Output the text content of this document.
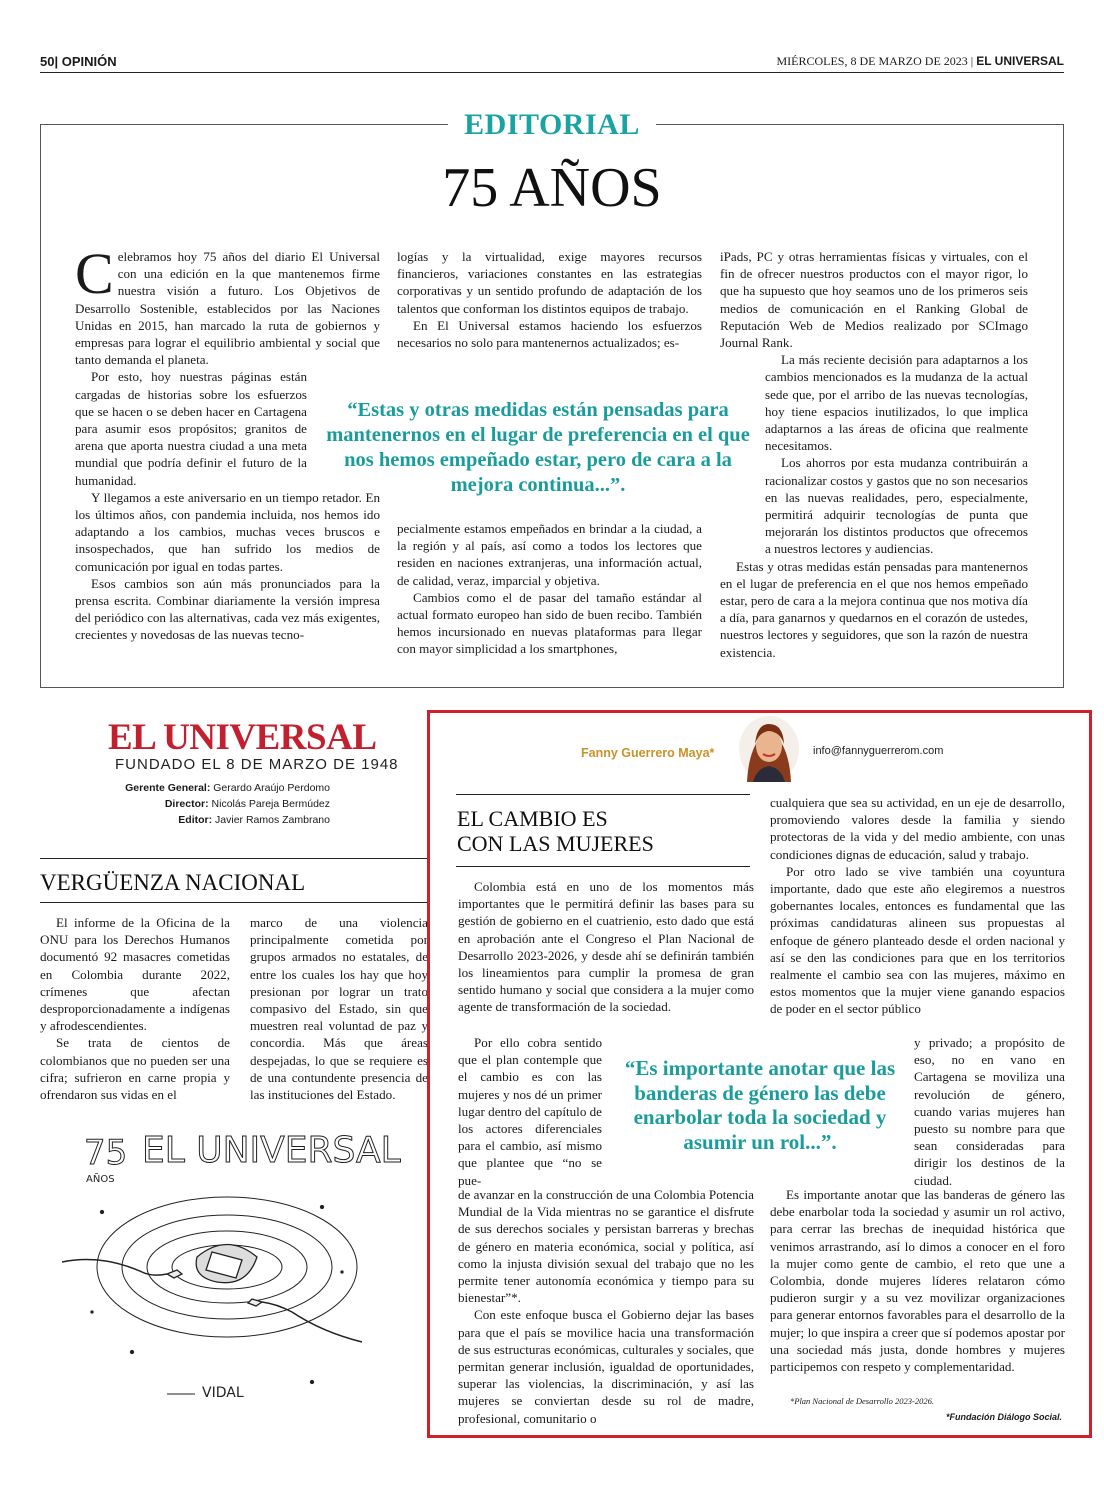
50| OPINIÓN	MIÉRCOLES, 8 DE MARZO DE 2023 | EL UNIVERSAL
EDITORIAL
75 AÑOS

Celebramos hoy 75 años del diario El Universal con una edición en la que mantenemos firme nuestra visión a futuro. Los Objetivos de Desarrollo Sostenible, establecidos por las Naciones Unidas en 2015, han marcado la ruta de gobiernos y empresas para lograr el equilibrio ambiental y social que tanto demanda el planeta.

Por esto, hoy nuestras páginas están cargadas de historias sobre los esfuerzos que se hacen o se deben hacer en Cartagena para asumir esos propósitos; granitos de arena que aporta nuestra ciudad a una meta mundial que podría definir el futuro de la humanidad.

Y llegamos a este aniversario en un tiempo retador. En los últimos años, con pandemia incluida, nos hemos ido adaptando a los cambios, muchas veces bruscos e insospechados, que han sufrido los medios de comunicación por igual en todas partes.

Esos cambios son aún más pronunciados para la prensa escrita. Combinar diariamente la versión impresa del periódico con las alternativas, cada vez más exigentes, crecientes y novedosas de las nuevas tecno-

logías y la virtualidad, exige mayores recursos financieros, variaciones constantes en las estrategias corporativas y un sentido profundo de adaptación de los talentos que conforman los distintos equipos de trabajo.

En El Universal estamos haciendo los esfuerzos necesarios no solo para mantenernos actualizados; es-

“Estas y otras medidas están pensadas para mantenernos en el lugar de preferencia en el que nos hemos empeñado estar, pero de cara a la mejora continua...”.

pecialmente estamos empeñados en brindar a la ciudad, a la región y al país, así como a todos los lectores que residen en naciones extranjeras, una información actual, de calidad, veraz, imparcial y objetiva.

Cambios como el de pasar del tamaño estándar al actual formato europeo han sido de buen recibo. También hemos incursionado en nuevas plataformas para llegar con mayor simplicidad a los smartphones,

iPads, PC y otras herramientas físicas y virtuales, con el fin de ofrecer nuestros productos con el mayor rigor, lo que ha supuesto que hoy seamos uno de los primeros seis medios de comunicación en el Ranking Global de Reputación Web de Medios realizado por SCImago Journal Rank.

La más reciente decisión para adaptarnos a los cambios mencionados es la mudanza de la actual sede que, por el arribo de las nuevas tecnologías, hoy tiene espacios inutilizados, lo que implica adaptarnos a las áreas de oficina que realmente necesitamos.

Los ahorros por esta mudanza contribuirán a racionalizar costos y gastos que no son necesarios en las nuevas realidades, pero, especialmente, permitirá adquirir tecnologías de punta que mejorarán los distintos productos que ofrecemos a nuestros lectores y audiencias.

Estas y otras medidas están pensadas para mantenernos en el lugar de preferencia en el que nos hemos empeñado estar, pero de cara a la mejora continua que nos motiva día a día, para ganarnos y quedarnos en el corazón de ustedes, nuestros lectores y seguidores, que son la razón de nuestra existencia.

EL UNIVERSAL
FUNDADO EL 8 DE MARZO DE 1948
Gerente General: Gerardo Araújo Perdomo
Director: Nicolás Pareja Bermúdez
Editor: Javier Ramos Zambrano
VERGÜENZA NACIONAL

El informe de la Oficina de la ONU para los Derechos Humanos documentó 92 masacres cometidas en Colombia durante 2022, crímenes que afectan desproporcionadamente a indígenas y afrodescendientes.

Se trata de cientos de colombianos que no pueden ser una cifra; sufrieron en carne propia y ofrendaron sus vidas en el

marco de una violencia principalmente cometida por grupos armados no estatales, de entre los cuales los hay que hoy presionan por lograr un trato compasivo del Estado, sin que muestren real voluntad de paz y concordia. Más que áreas despejadas, lo que se requiere es de una contundente presencia de las instituciones del Estado.

75
AÑOS
EL UNIVERSAL
VIDAL
Fanny Guerrero Maya*	info@fannyguerrerom.com
EL CAMBIO ES
CON LAS MUJERES

Colombia está en uno de los momentos más importantes que le permitirá definir las bases para su gestión de gobierno en el cuatrienio, esto dado que está en aprobación ante el Congreso el Plan Nacional de Desarrollo 2023-2026, y desde ahí se definirán también los lineamientos para cumplir la promesa de gran sentido humano y social que considera a la mujer como agente de transformación de la sociedad.

Por ello cobra sentido que el plan contemple que el cambio es con las mujeres y nos dé un primer lugar dentro del capítulo de los actores diferenciales para el cambio, así mismo que plantee que “no se pue-

de avanzar en la construcción de una Colombia Potencia Mundial de la Vida mientras no se garantice el disfrute de sus derechos sociales y persistan barreras y brechas de género en materia económica, social y política, así como la injusta división sexual del trabajo que no les permite tener autonomía económica y tiempo para su bienestar”*.

Con este enfoque busca el Gobierno dejar las bases para que el país se movilice hacia una transformación de sus estructuras económicas, culturales y sociales, que permitan generar inclusión, igualdad de oportunidades, superar las violencias, la discriminación, y así las mujeres se conviertan desde su rol de madre, profesional, comunitario o

cualquiera que sea su actividad, en un eje de desarrollo, promoviendo valores desde la familia y siendo protectoras de la vida y del medio ambiente, con unas condiciones dignas de educación, salud y trabajo.

Por otro lado se vive también una coyuntura importante, dado que este año elegiremos a nuestros gobernantes locales, entonces es fundamental que las próximas candidaturas alineen sus propuestas al enfoque de género planteado desde el orden nacional y así se den las condiciones para que en los territorios realmente el cambio sea con las mujeres, máximo en estos momentos que la mujer viene ganando espacios de poder en el sector público

“Es importante anotar que las banderas de género las debe enarbolar toda la sociedad y asumir un rol...”.

y privado; a propósito de eso, no en vano en Cartagena se moviliza una revolución de género, cuando varias mujeres han puesto su nombre para que sean consideradas para dirigir los destinos de la ciudad.

Es importante anotar que las banderas de género las debe enarbolar toda la sociedad y asumir un rol activo, para cerrar las brechas de inequidad histórica que venimos arrastrando, así lo dimos a conocer en el foro la mujer como gente de cambio, el reto que une a Colombia, donde mujeres líderes relataron cómo pudieron surgir y a su vez movilizar organizaciones para generar entornos favorables para el desarrollo de la mujer; lo que inspira a creer que sí podemos apostar por una sociedad más justa, donde hombres y mujeres participemos con respeto y complementaridad.

*Plan Nacional de Desarrollo 2023-2026.
*Fundación Diálogo Social.
